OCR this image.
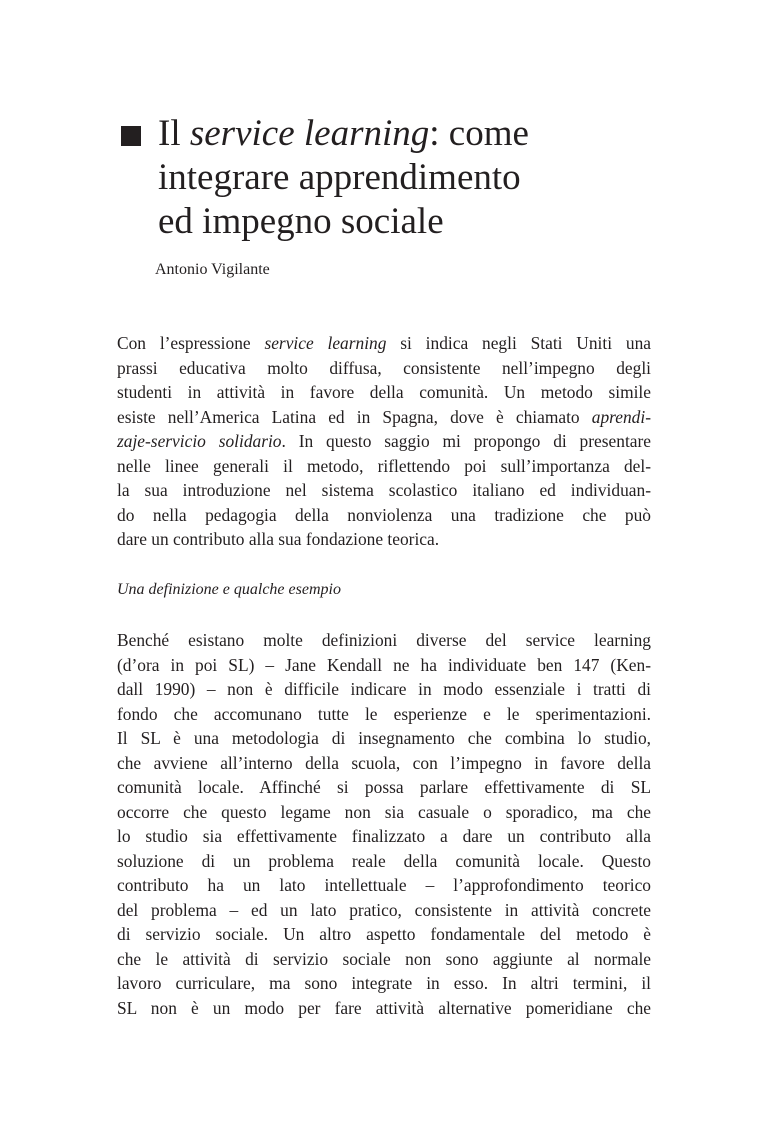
Il service learning: come
integrare apprendimento
ed impegno sociale
Antonio Vigilante
Con l’espressione service learning si indica negli Stati Uniti una
prassi educativa molto diffusa, consistente nell’impegno degli
studenti in attività in favore della comunità. Un metodo simile
esiste nell’America Latina ed in Spagna, dove è chiamato aprendi-
zaje-servicio solidario. In questo saggio mi propongo di presentare
nelle linee generali il metodo, riflettendo poi sull’importanza del-
la sua introduzione nel sistema scolastico italiano ed individuan-
do nella pedagogia della nonviolenza una tradizione che può
dare un contributo alla sua fondazione teorica.
Una definizione e qualche esempio
Benché esistano molte definizioni diverse del service learning
(d’ora in poi SL) – Jane Kendall ne ha individuate ben 147 (Ken-
dall 1990) – non è difficile indicare in modo essenziale i tratti di
fondo che accomunano tutte le esperienze e le sperimentazioni.
Il SL è una metodologia di insegnamento che combina lo studio,
che avviene all’interno della scuola, con l’impegno in favore della
comunità locale. Affinché si possa parlare effettivamente di SL
occorre che questo legame non sia casuale o sporadico, ma che
lo studio sia effettivamente finalizzato a dare un contributo alla
soluzione di un problema reale della comunità locale. Questo
contributo ha un lato intellettuale – l’approfondimento teorico
del problema – ed un lato pratico, consistente in attività concrete
di servizio sociale. Un altro aspetto fondamentale del metodo è
che le attività di servizio sociale non sono aggiunte al normale
lavoro curriculare, ma sono integrate in esso. In altri termini, il
SL non è un modo per fare attività alternative pomeridiane che
